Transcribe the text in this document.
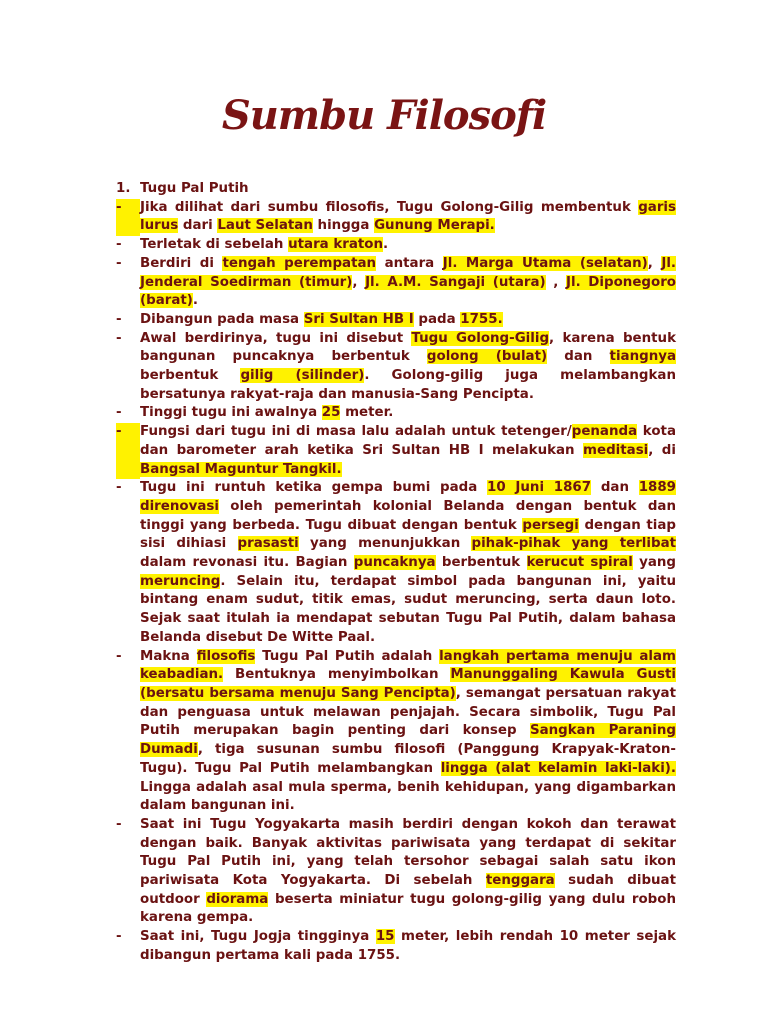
Sumbu Filosofi
1. Tugu Pal Putih
-	Jika dilihat dari sumbu filosofis, Tugu Golong-Gilig membentuk garis lurus dari Laut Selatan hingga Gunung Merapi.
-	Terletak di sebelah utara kraton.
-	Berdiri di tengah perempatan antara Jl. Marga Utama (selatan), Jl. Jenderal Soedirman (timur), Jl. A.M. Sangaji (utara) , Jl. Diponegoro (barat).
-	Dibangun pada masa Sri Sultan HB I pada 1755.
-	Awal berdirinya, tugu ini disebut Tugu Golong-Gilig, karena bentuk bangunan puncaknya berbentuk golong (bulat) dan tiangnya berbentuk gilig (silinder). Golong-gilig juga melambangkan bersatunya rakyat-raja dan manusia-Sang Pencipta.
-	Tinggi tugu ini awalnya 25 meter.
-	Fungsi dari tugu ini di masa lalu adalah untuk tetenger/penanda kota dan barometer arah ketika Sri Sultan HB I melakukan meditasi, di Bangsal Maguntur Tangkil.
-	Tugu ini runtuh ketika gempa bumi pada 10 Juni 1867 dan 1889 direnovasi oleh pemerintah kolonial Belanda dengan bentuk dan tinggi yang berbeda. Tugu dibuat dengan bentuk persegi dengan tiap sisi dihiasi prasasti yang menunjukkan pihak-pihak yang terlibat dalam revonasi itu. Bagian puncaknya berbentuk kerucut spiral yang meruncing. Selain itu, terdapat simbol pada bangunan ini, yaitu bintang enam sudut, titik emas, sudut meruncing, serta daun loto. Sejak saat itulah ia mendapat sebutan Tugu Pal Putih, dalam bahasa Belanda disebut De Witte Paal.
-	Makna filosofis Tugu Pal Putih adalah langkah pertama menuju alam keabadian. Bentuknya menyimbolkan Manunggaling Kawula Gusti (bersatu bersama menuju Sang Pencipta), semangat persatuan rakyat dan penguasa untuk melawan penjajah. Secara simbolik, Tugu Pal Putih merupakan bagin penting dari konsep Sangkan Paraning Dumadi, tiga susunan sumbu filosofi (Panggung Krapyak-Kraton-Tugu). Tugu Pal Putih melambangkan lingga (alat kelamin laki-laki). Lingga adalah asal mula sperma, benih kehidupan, yang digambarkan dalam bangunan ini.
-	Saat ini Tugu Yogyakarta masih berdiri dengan kokoh dan terawat dengan baik. Banyak aktivitas pariwisata yang terdapat di sekitar Tugu Pal Putih ini, yang telah tersohor sebagai salah satu ikon pariwisata Kota Yogyakarta. Di sebelah tenggara sudah dibuat outdoor diorama beserta miniatur tugu golong-gilig yang dulu roboh karena gempa.
-	Saat ini, Tugu Jogja tingginya 15 meter, lebih rendah 10 meter sejak dibangun pertama kali pada 1755.
